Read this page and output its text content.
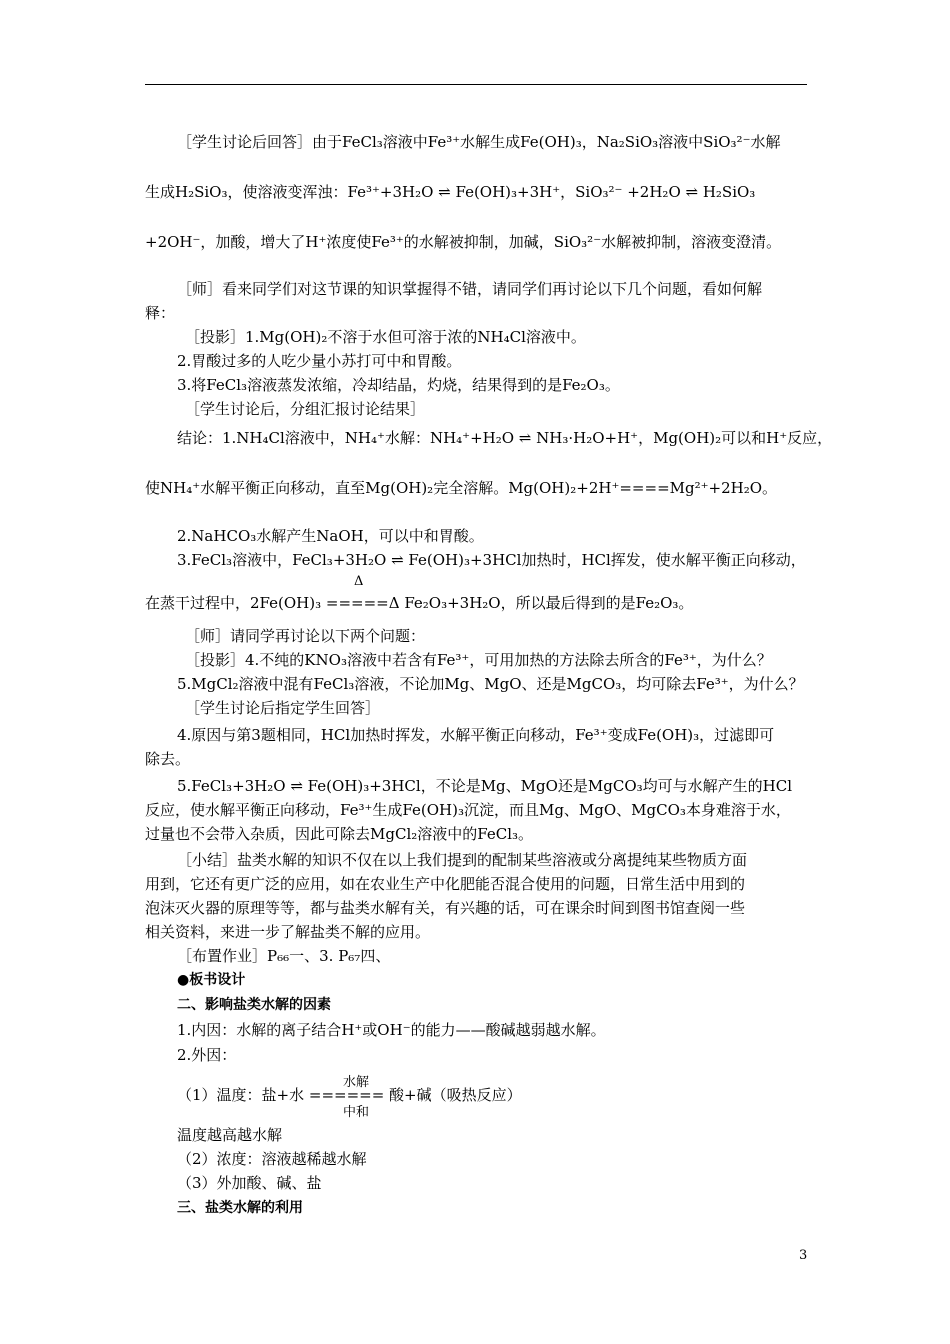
［学生讨论后回答］由于FeCl₃溶液中Fe³⁺水解生成Fe(OH)₃，Na₂SiO₃溶液中SiO₃²⁻水解
生成H₂SiO₃，使溶液变浑浊：Fe³⁺+3H₂O ⇌ Fe(OH)₃+3H⁺，SiO₃²⁻ +2H₂O ⇌ H₂SiO₃
+2OH⁻，加酸，增大了H⁺浓度使Fe³⁺的水解被抑制，加碱，SiO₃²⁻水解被抑制，溶液变澄清。
［师］看来同学们对这节课的知识掌握得不错，请同学们再讨论以下几个问题，看如何解
释：
［投影］1.Mg(OH)₂不溶于水但可溶于浓的NH₄Cl溶液中。
2.胃酸过多的人吃少量小苏打可中和胃酸。
3.将FeCl₃溶液蒸发浓缩，冷却结晶，灼烧，结果得到的是Fe₂O₃。
［学生讨论后，分组汇报讨论结果］
结论：1.NH₄Cl溶液中，NH₄⁺水解：NH₄⁺+H₂O ⇌ NH₃·H₂O+H⁺，Mg(OH)₂可以和H⁺反应，
使NH₄⁺水解平衡正向移动，直至Mg(OH)₂完全溶解。Mg(OH)₂+2H⁺====Mg²⁺+2H₂O。
2.NaHCO₃水解产生NaOH，可以中和胃酸。
3.FeCl₃溶液中，FeCl₃+3H₂O ⇌ Fe(OH)₃+3HCl加热时，HCl挥发，使水解平衡正向移动，
在蒸干过程中，2Fe(OH)₃ =====Δ Fe₂O₃+3H₂O，所以最后得到的是Fe₂O₃。
［师］请同学再讨论以下两个问题：
［投影］4.不纯的KNO₃溶液中若含有Fe³⁺，可用加热的方法除去所含的Fe³⁺，为什么？
5.MgCl₂溶液中混有FeCl₃溶液，不论加Mg、MgO、还是MgCO₃，均可除去Fe³⁺，为什么？
［学生讨论后指定学生回答］
4.原因与第3题相同，HCl加热时挥发，水解平衡正向移动，Fe³⁺变成Fe(OH)₃，过滤即可
除去。
5.FeCl₃+3H₂O ⇌ Fe(OH)₃+3HCl，不论是Mg、MgO还是MgCO₃均可与水解产生的HCl
反应，使水解平衡正向移动，Fe³⁺生成Fe(OH)₃沉淀，而且Mg、MgO、MgCO₃本身难溶于水，
过量也不会带入杂质，因此可除去MgCl₂溶液中的FeCl₃。
［小结］盐类水解的知识不仅在以上我们提到的配制某些溶液或分离提纯某些物质方面
用到，它还有更广泛的应用，如在农业生产中化肥能否混合使用的问题，日常生活中用到的
泡沫灭火器的原理等等，都与盐类水解有关，有兴趣的话，可在课余时间到图书馆查阅一些
相关资料，来进一步了解盐类不解的应用。
［布置作业］P₆₆一、3. P₆₇四、
●板书设计
二、影响盐类水解的因素
1.内因：水解的离子结合H⁺或OH⁻的能力——酸碱越弱越水解。
2.外因：
（1）温度：盐+水 ====== 酸+碱（吸热反应）
温度越高越水解
（2）浓度：溶液越稀越水解
（3）外加酸、碱、盐
三、盐类水解的利用
水解
中和
Δ
3
